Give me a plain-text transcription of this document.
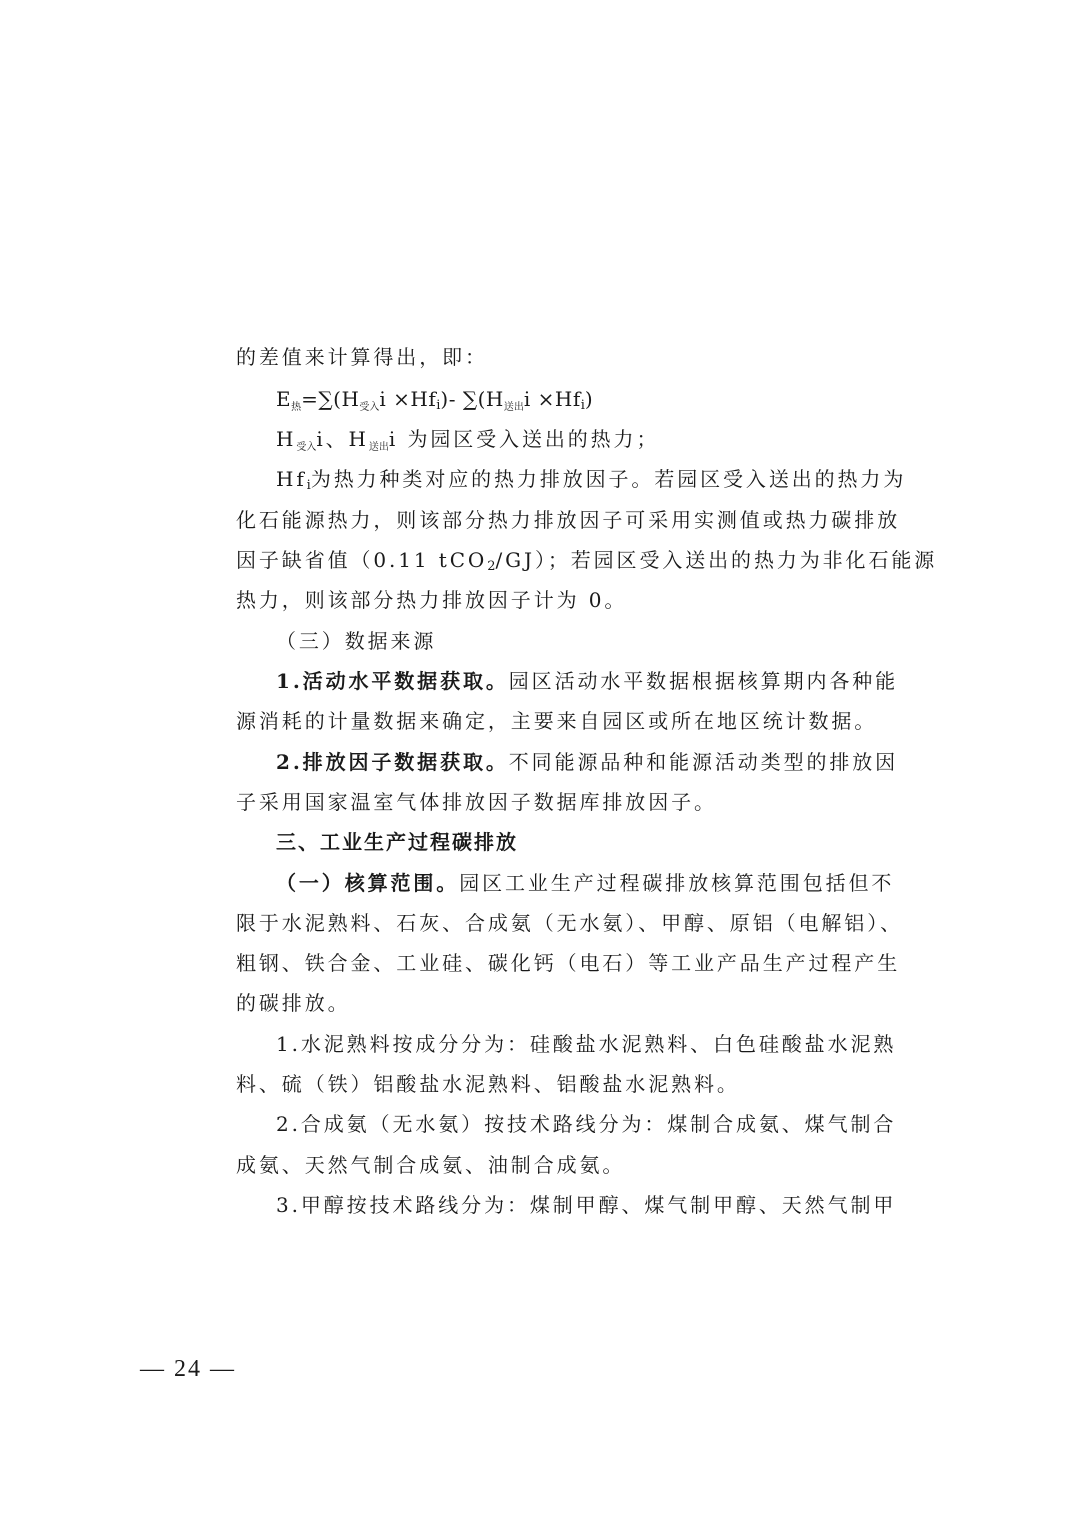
的差值来计算得出，即：
$E_热=\sum(H_{受入}i \times Hfi)-$ $\sum(H_{送出}i \times Hfi)$
$H_{受入}i$、$H_{送出}i$ 为园区受入送出的热力；
Hfi为热力种类对应的热力排放因子。若园区受入送出的热力为
化石能源热力，则该部分热力排放因子可采用实测值或热力碳排放
因子缺省值（0.11 tCO2/GJ）；若园区受入送出的热力为非化石能源
热力，则该部分热力排放因子计为 0。
（三）数据来源
1.活动水平数据获取。园区活动水平数据根据核算期内各种能
源消耗的计量数据来确定，主要来自园区或所在地区统计数据。
2.排放因子数据获取。不同能源品种和能源活动类型的排放因
子采用国家温室气体排放因子数据库排放因子。
三、工业生产过程碳排放
（一）核算范围。园区工业生产过程碳排放核算范围包括但不
限于水泥熟料、石灰、合成氨（无水氨）、甲醇、原铝（电解铝）、
粗钢、铁合金、工业硅、碳化钙（电石）等工业产品生产过程产生
的碳排放。
1.水泥熟料按成分分为：硅酸盐水泥熟料、白色硅酸盐水泥熟
料、硫（铁）铝酸盐水泥熟料、铝酸盐水泥熟料。
2.合成氨（无水氨）按技术路线分为：煤制合成氨、煤气制合
成氨、天然气制合成氨、油制合成氨。
3.甲醇按技术路线分为：煤制甲醇、煤气制甲醇、天然气制甲
— 24 —
